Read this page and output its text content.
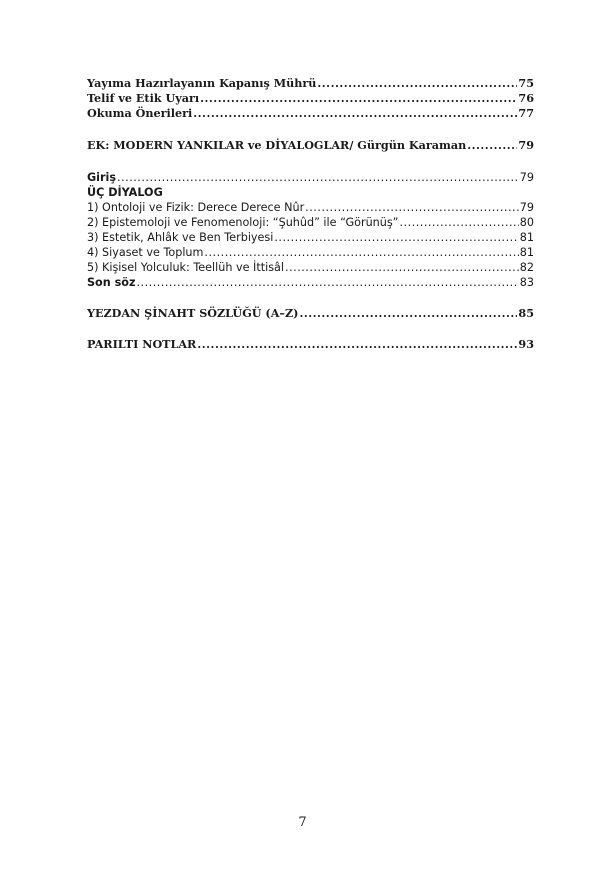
Yayıma Hazırlayanın Kapanış Mührü .....	75
Telif ve Etik Uyarı .....	76
Okuma Önerileri .....	77
EK: MODERN YANKILAR ve DİYALOGLAR/ Gürgün Karaman .....	79
Giriş .....	79
ÜÇ DİYALOG
1) Ontoloji ve Fizik: Derece Derece Nûr .....	79
2) Epistemoloji ve Fenomenoloji: “Şuhûd” ile “Görünüş” .....	80
3) Estetik, Ahlâk ve Ben Terbiyesi .....	81
4) Siyaset ve Toplum .....	81
5) Kişisel Yolculuk: Teellüh ve İttisâl .....	82
Son söz .....	83
YEZDAN ŞİNAHT SÖZLÜĞÜ (A–Z) .....	85
PARILTI NOTLAR .....	93
7
